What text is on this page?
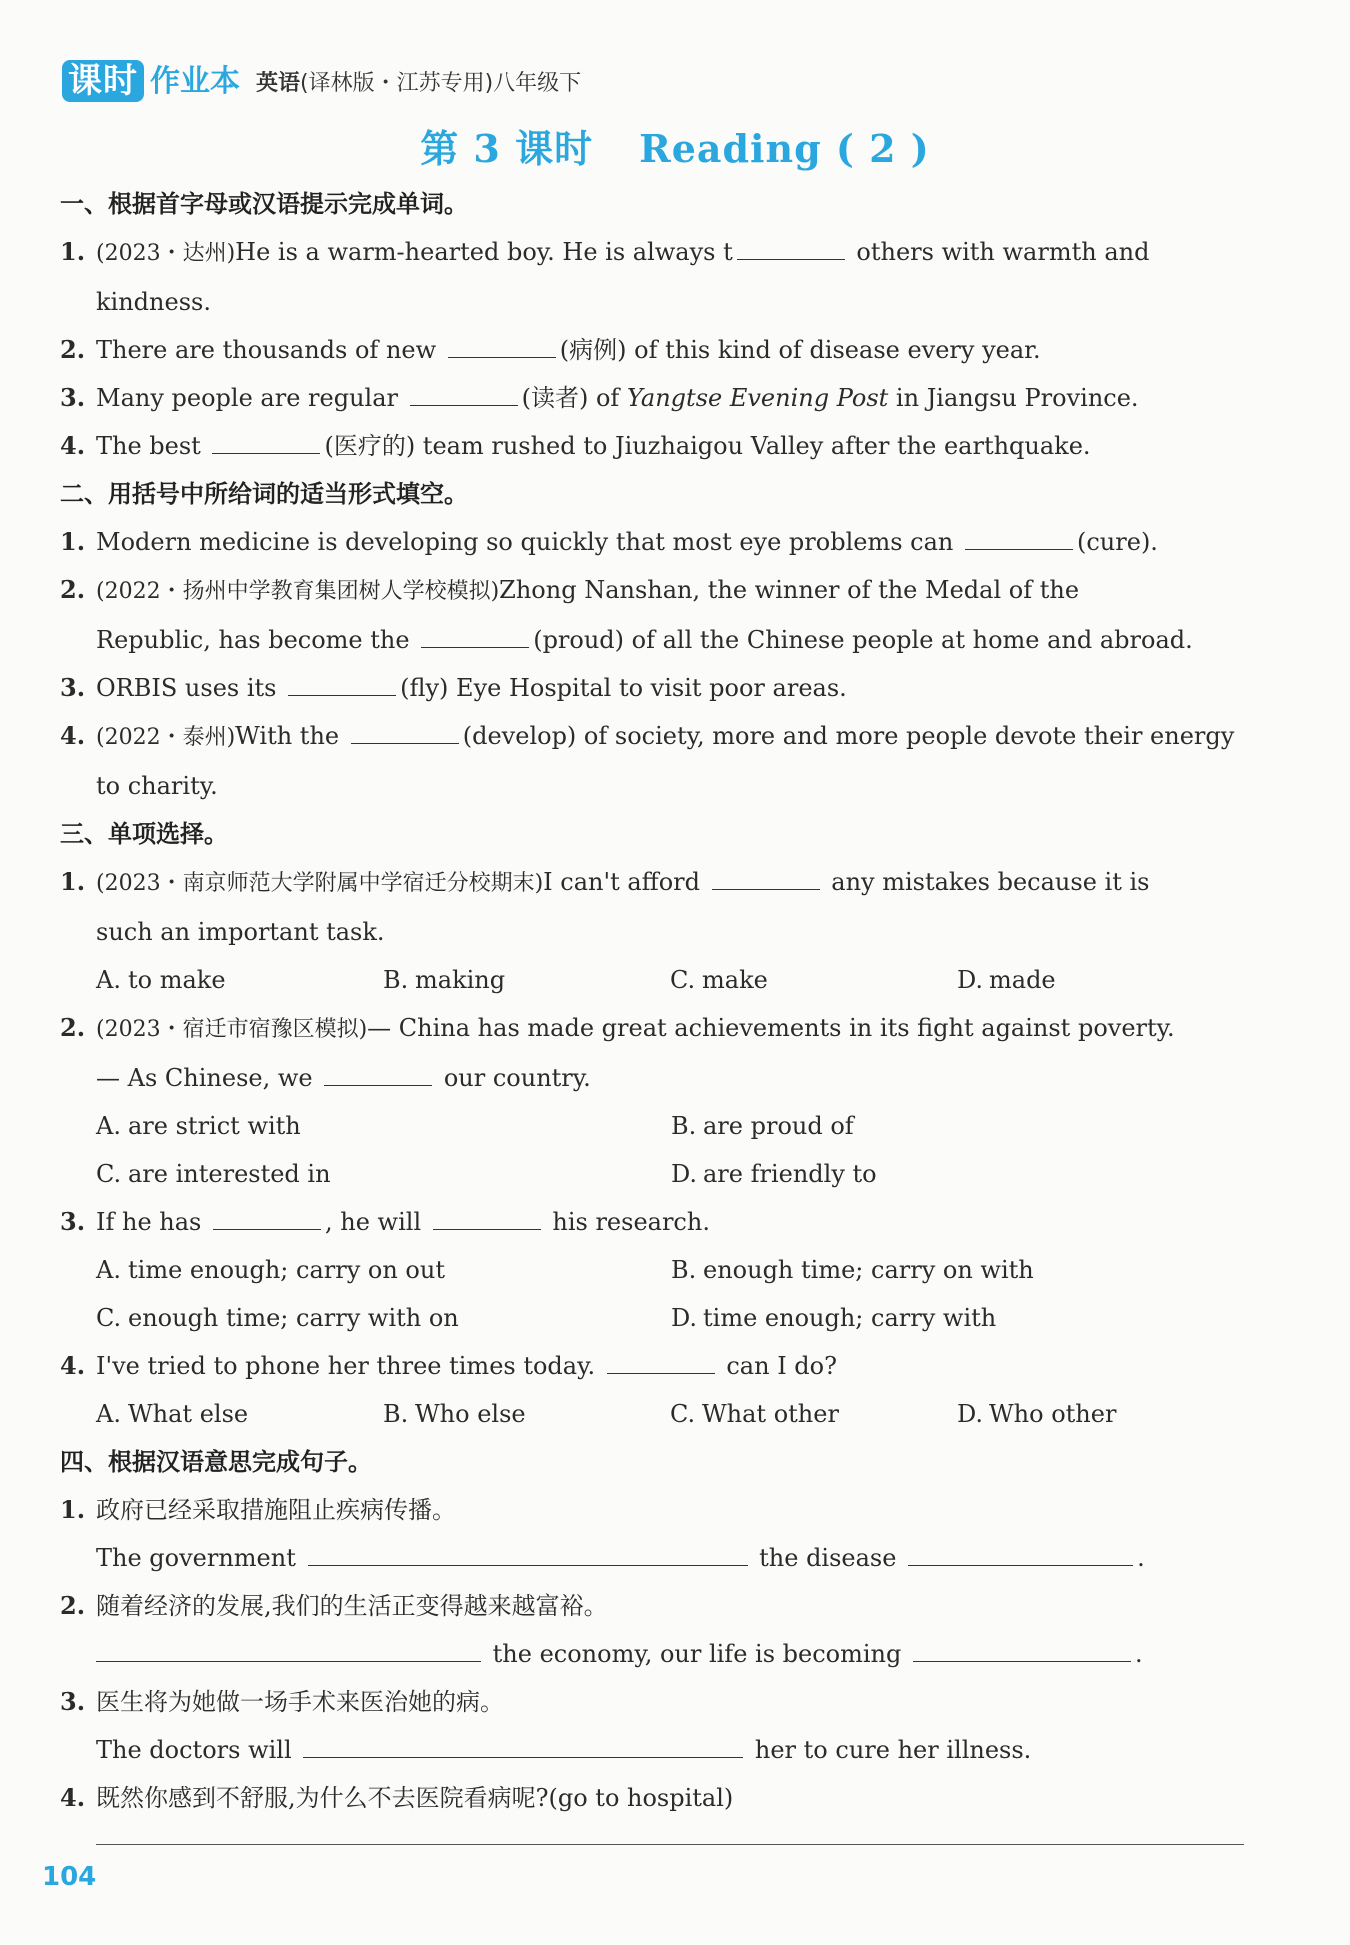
课时 作业本 英语(译林版・江苏专用)八年级下
第 3 课时 Reading ( 2 )
一、根据首字母或汉语提示完成单词。
1. (2023・达州)He is a warm-hearted boy. He is always t	others with warmth and
kindness.
2. There are thousands of new	(病例) of this kind of disease every year.
3. Many people are regular	(读者) of Yangtse Evening Post in Jiangsu Province.
4. The best	(医疗的) team rushed to Jiuzhaigou Valley after the earthquake.
二、用括号中所给词的适当形式填空。
1. Modern medicine is developing so quickly that most eye problems can	(cure).
2. (2022・扬州中学教育集团树人学校模拟)Zhong Nanshan, the winner of the Medal of the
Republic, has become the	(proud) of all the Chinese people at home and abroad.
3. ORBIS uses its	(fly) Eye Hospital to visit poor areas.
4. (2022・泰州)With the	(develop) of society, more and more people devote their energy
to charity.
三、单项选择。
1. (2023・南京师范大学附属中学宿迁分校期末)I can't afford	any mistakes because it is
such an important task.
A. to make	B. making	C. make	D. made
2. (2023・宿迁市宿豫区模拟)— China has made great achievements in its fight against poverty.
— As Chinese, we	our country.
A. are strict with	B. are proud of
C. are interested in	D. are friendly to
3. If he has	, he will	his research.
A. time enough; carry on out	B. enough time; carry on with
C. enough time; carry with on	D. time enough; carry with
4. I've tried to phone her three times today.	can I do?
A. What else	B. Who else	C. What other	D. Who other
四、根据汉语意思完成句子。
1. 政府已经采取措施阻止疾病传播。
The government	the disease	.
2. 随着经济的发展,我们的生活正变得越来越富裕。
the economy, our life is becoming	.
3. 医生将为她做一场手术来医治她的病。
The doctors will	her to cure her illness.
4. 既然你感到不舒服,为什么不去医院看病呢?(go to hospital)
104
